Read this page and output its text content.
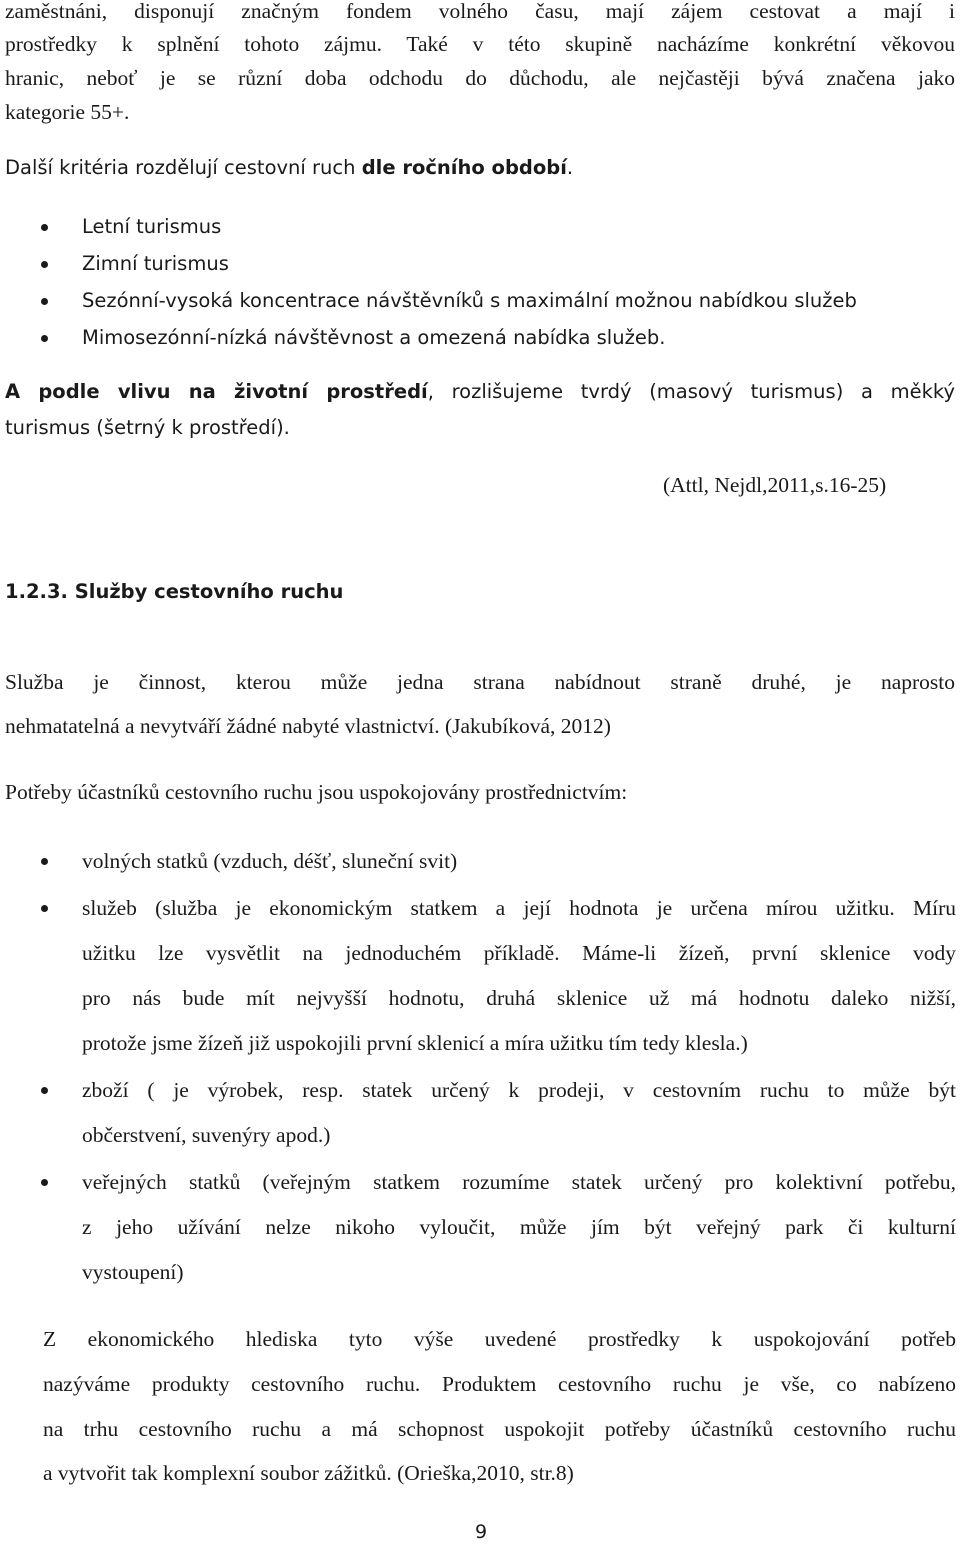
zaměstnáni, disponují značným fondem volného času, mají zájem cestovat a mají i
prostředky k splnění tohoto zájmu. Také v této skupině nacházíme konkrétní věkovou
hranic, neboť je se různí doba odchodu do důchodu, ale nejčastěji bývá značena jako
kategorie 55+.
Další kritéria rozdělují cestovní ruch dle ročního období.
Letní turismus
Zimní turismus
Sezónní-vysoká koncentrace návštěvníků s maximální možnou nabídkou služeb
Mimosezónní-nízká návštěvnost a omezená nabídka služeb.
A podle vlivu na životní prostředí, rozlišujeme tvrdý (masový turismus) a měkký
turismus (šetrný k prostředí).
(Attl, Nejdl,2011,s.16-25)
1.2.3. Služby cestovního ruchu
Služba je činnost, kterou může jedna strana nabídnout straně druhé, je naprosto
nehmatatelná a nevytváří žádné nabyté vlastnictví. (Jakubíková, 2012)
Potřeby účastníků cestovního ruchu jsou uspokojovány prostřednictvím:
volných statků (vzduch, déšť, sluneční svit)
služeb (služba je ekonomickým statkem a její hodnota je určena mírou užitku. Míru
užitku lze vysvětlit na jednoduchém příkladě. Máme-li žízeň, první sklenice vody
pro nás bude mít nejvyšší hodnotu, druhá sklenice už má hodnotu daleko nižší,
protože jsme žízeň již uspokojili první sklenicí a míra užitku tím tedy klesla.)
zboží ( je výrobek, resp. statek určený k prodeji, v cestovním ruchu to může být
občerstvení, suvenýry apod.)
veřejných statků (veřejným statkem rozumíme statek určený pro kolektivní potřebu,
z jeho užívání nelze nikoho vyloučit, může jím být veřejný park či kulturní
vystoupení)
Z ekonomického hlediska tyto výše uvedené prostředky k uspokojování potřeb
nazýváme produkty cestovního ruchu. Produktem cestovního ruchu je vše, co nabízeno
na trhu cestovního ruchu a má schopnost uspokojit potřeby účastníků cestovního ruchu
a vytvořit tak komplexní soubor zážitků. (Orieška,2010, str.8)
9
